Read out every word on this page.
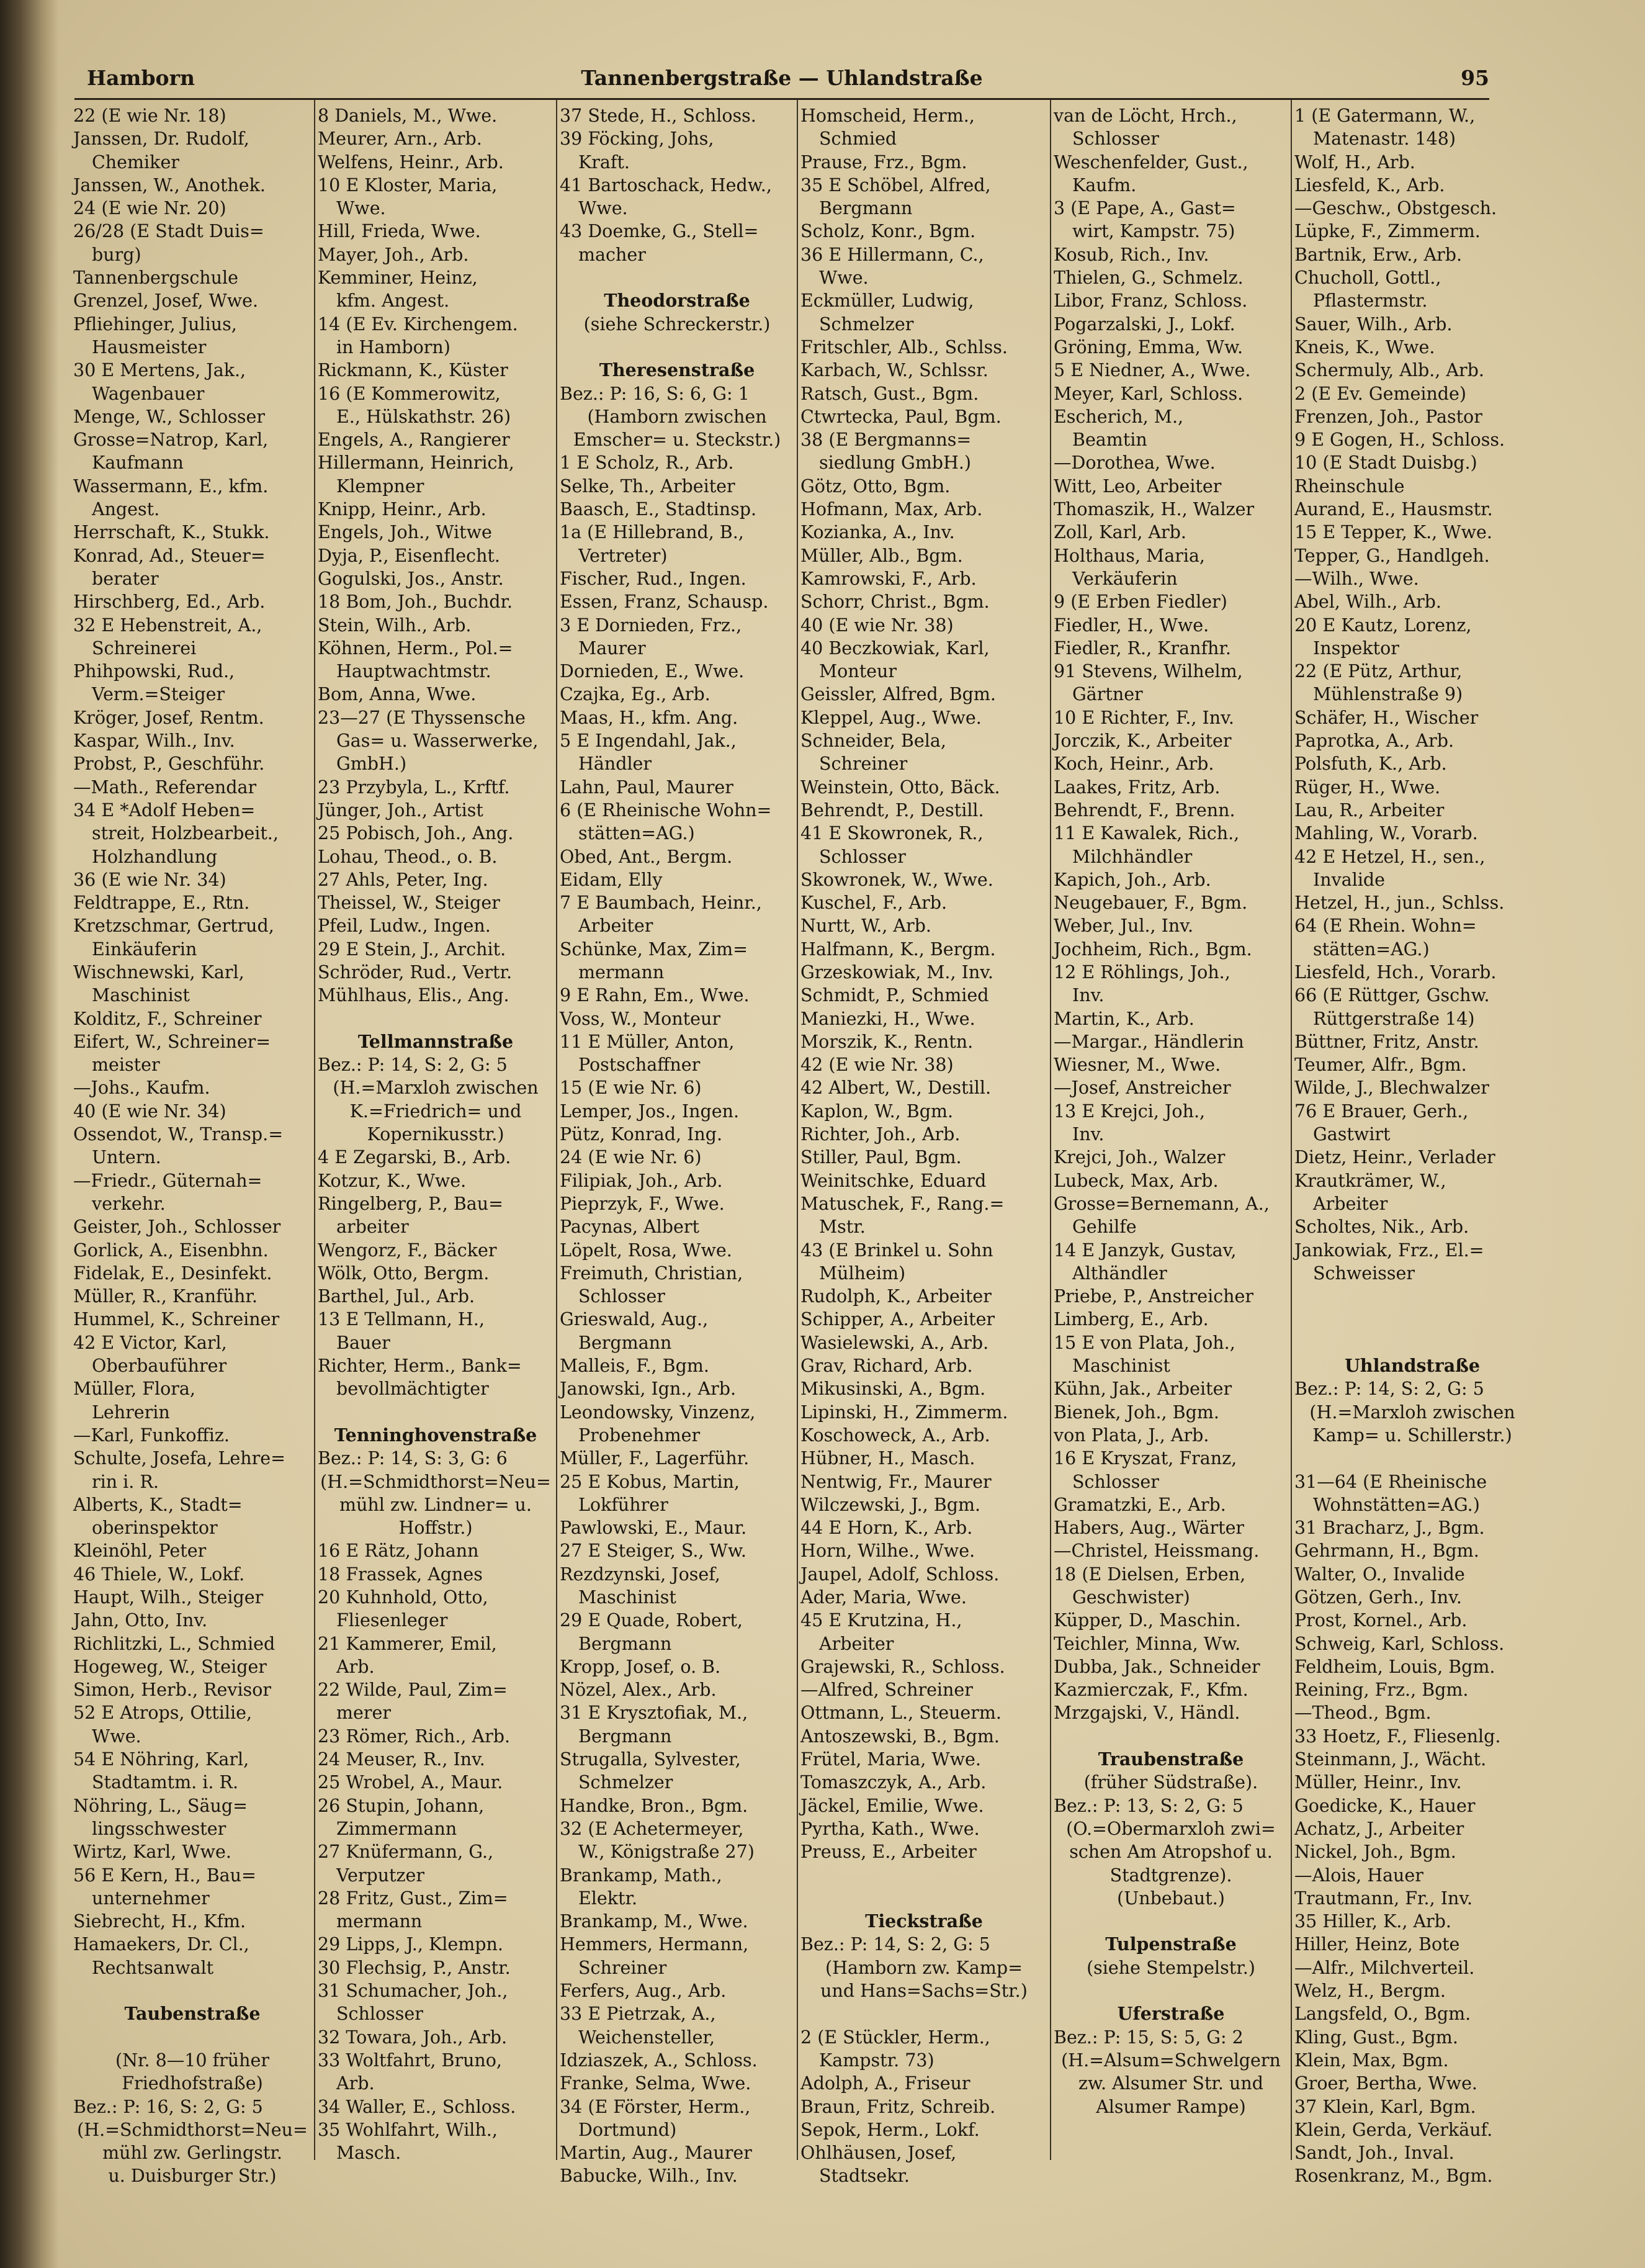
Hamborn	Tannenbergstraße — Uhlandstraße	95
22 (E wie Nr. 18)
Janssen, Dr. Rudolf,
Chemiker
Janssen, W., Anothek.
24 (E wie Nr. 20)
26/28 (E Stadt Duis=
burg)
Tannenbergschule
Grenzel, Josef, Wwe.
Pfliehinger, Julius,
Hausmeister
30 E Mertens, Jak.,
Wagenbauer
Menge, W., Schlosser
Grosse=Natrop, Karl,
Kaufmann
Wassermann, E., kfm.
Angest.
Herrschaft, K., Stukk.
Konrad, Ad., Steuer=
berater
Hirschberg, Ed., Arb.
32 E Hebenstreit, A.,
Schreinerei
Phihpowski, Rud.,
Verm.=Steiger
Kröger, Josef, Rentm.
Kaspar, Wilh., Inv.
Probst, P., Geschführ.
—Math., Referendar
34 E *Adolf Heben=
streit, Holzbearbeit.,
Holzhandlung
36 (E wie Nr. 34)
Feldtrappe, E., Rtn.
Kretzschmar, Gertrud,
Einkäuferin
Wischnewski, Karl,
Maschinist
Kolditz, F., Schreiner
Eifert, W., Schreiner=
meister
—Johs., Kaufm.
40 (E wie Nr. 34)
Ossendot, W., Transp.=
Untern.
—Friedr., Güternah=
verkehr.
Geister, Joh., Schlosser
Gorlick, A., Eisenbhn.
Fidelak, E., Desinfekt.
Müller, R., Kranführ.
Hummel, K., Schreiner
42 E Victor, Karl,
Oberbauführer
Müller, Flora,
Lehrerin
—Karl, Funkoffiz.
Schulte, Josefa, Lehre=
rin i. R.
Alberts, K., Stadt=
oberinspektor
Kleinöhl, Peter
46 Thiele, W., Lokf.
Haupt, Wilh., Steiger
Jahn, Otto, Inv.
Richlitzki, L., Schmied
Hogeweg, W., Steiger
Simon, Herb., Revisor
52 E Atrops, Ottilie,
Wwe.
54 E Nöhring, Karl,
Stadtamtm. i. R.
Nöhring, L., Säug=
lingsschwester
Wirtz, Karl, Wwe.
56 E Kern, H., Bau=
unternehmer
Siebrecht, H., Kfm.
Hamaekers, Dr. Cl.,
Rechtsanwalt
Taubenstraße
(Nr. 8—10 früher
Friedhofstraße)
Bez.: P: 16, S: 2, G: 5
(H.=Schmidthorst=Neu=
mühl zw. Gerlingstr.
u. Duisburger Str.)
8 Daniels, M., Wwe.
Meurer, Arn., Arb.
Welfens, Heinr., Arb.
10 E Kloster, Maria,
Wwe.
Hill, Frieda, Wwe.
Mayer, Joh., Arb.
Kemminer, Heinz,
kfm. Angest.
14 (E Ev. Kirchengem.
in Hamborn)
Rickmann, K., Küster
16 (E Kommerowitz,
E., Hülskathstr. 26)
Engels, A., Rangierer
Hillermann, Heinrich,
Klempner
Knipp, Heinr., Arb.
Engels, Joh., Witwe
Dyja, P., Eisenflecht.
Gogulski, Jos., Anstr.
18 Bom, Joh., Buchdr.
Stein, Wilh., Arb.
Köhnen, Herm., Pol.=
Hauptwachtmstr.
Bom, Anna, Wwe.
23—27 (E Thyssensche
Gas= u. Wasserwerke,
GmbH.)
23 Przybyla, L., Krftf.
Jünger, Joh., Artist
25 Pobisch, Joh., Ang.
Lohau, Theod., o. B.
27 Ahls, Peter, Ing.
Theissel, W., Steiger
Pfeil, Ludw., Ingen.
29 E Stein, J., Archit.
Schröder, Rud., Vertr.
Mühlhaus, Elis., Ang.
Tellmannstraße
Bez.: P: 14, S: 2, G: 5
(H.=Marxloh zwischen
K.=Friedrich= und
Kopernikusstr.)
4 E Zegarski, B., Arb.
Kotzur, K., Wwe.
Ringelberg, P., Bau=
arbeiter
Wengorz, F., Bäcker
Wölk, Otto, Bergm.
Barthel, Jul., Arb.
13 E Tellmann, H.,
Bauer
Richter, Herm., Bank=
bevollmächtigter
Tenninghovenstraße
Bez.: P: 14, S: 3, G: 6
(H.=Schmidthorst=Neu=
mühl zw. Lindner= u.
Hoffstr.)
16 E Rätz, Johann
18 Frassek, Agnes
20 Kuhnhold, Otto,
Fliesenleger
21 Kammerer, Emil,
Arb.
22 Wilde, Paul, Zim=
merer
23 Römer, Rich., Arb.
24 Meuser, R., Inv.
25 Wrobel, A., Maur.
26 Stupin, Johann,
Zimmermann
27 Knüfermann, G.,
Verputzer
28 Fritz, Gust., Zim=
mermann
29 Lipps, J., Klempn.
30 Flechsig, P., Anstr.
31 Schumacher, Joh.,
Schlosser
32 Towara, Joh., Arb.
33 Woltfahrt, Bruno,
Arb.
34 Waller, E., Schloss.
35 Wohlfahrt, Wilh.,
Masch.
37 Stede, H., Schloss.
39 Föcking, Johs,
Kraft.
41 Bartoschack, Hedw.,
Wwe.
43 Doemke, G., Stell=
macher
Theodorstraße
(siehe Schreckerstr.)
Theresenstraße
Bez.: P: 16, S: 6, G: 1
(Hamborn zwischen
Emscher= u. Steckstr.)
1 E Scholz, R., Arb.
Selke, Th., Arbeiter
Baasch, E., Stadtinsp.
1a (E Hillebrand, B.,
Vertreter)
Fischer, Rud., Ingen.
Essen, Franz, Schausp.
3 E Dornieden, Frz.,
Maurer
Dornieden, E., Wwe.
Czajka, Eg., Arb.
Maas, H., kfm. Ang.
5 E Ingendahl, Jak.,
Händler
Lahn, Paul, Maurer
6 (E Rheinische Wohn=
stätten=AG.)
Obed, Ant., Bergm.
Eidam, Elly
7 E Baumbach, Heinr.,
Arbeiter
Schünke, Max, Zim=
mermann
9 E Rahn, Em., Wwe.
Voss, W., Monteur
11 E Müller, Anton,
Postschaffner
15 (E wie Nr. 6)
Lemper, Jos., Ingen.
Pütz, Konrad, Ing.
24 (E wie Nr. 6)
Filipiak, Joh., Arb.
Pieprzyk, F., Wwe.
Pacynas, Albert
Löpelt, Rosa, Wwe.
Freimuth, Christian,
Schlosser
Grieswald, Aug.,
Bergmann
Malleis, F., Bgm.
Janowski, Ign., Arb.
Leondowsky, Vinzenz,
Probenehmer
Müller, F., Lagerführ.
25 E Kobus, Martin,
Lokführer
Pawlowski, E., Maur.
27 E Steiger, S., Ww.
Rezdzynski, Josef,
Maschinist
29 E Quade, Robert,
Bergmann
Kropp, Josef, o. B.
Nözel, Alex., Arb.
31 E Krysztofiak, M.,
Bergmann
Strugalla, Sylvester,
Schmelzer
Handke, Bron., Bgm.
32 (E Achetermeyer,
W., Königstraße 27)
Brankamp, Math.,
Elektr.
Brankamp, M., Wwe.
Hemmers, Hermann,
Schreiner
Ferfers, Aug., Arb.
33 E Pietrzak, A.,
Weichensteller,
Idziaszek, A., Schloss.
Franke, Selma, Wwe.
34 (E Förster, Herm.,
Dortmund)
Martin, Aug., Maurer
Babucke, Wilh., Inv.
Homscheid, Herm.,
Schmied
Prause, Frz., Bgm.
35 E Schöbel, Alfred,
Bergmann
Scholz, Konr., Bgm.
36 E Hillermann, C.,
Wwe.
Eckmüller, Ludwig,
Schmelzer
Fritschler, Alb., Schlss.
Karbach, W., Schlssr.
Ratsch, Gust., Bgm.
Ctwrtecka, Paul, Bgm.
38 (E Bergmanns=
siedlung GmbH.)
Götz, Otto, Bgm.
Hofmann, Max, Arb.
Kozianka, A., Inv.
Müller, Alb., Bgm.
Kamrowski, F., Arb.
Schorr, Christ., Bgm.
40 (E wie Nr. 38)
40 Beczkowiak, Karl,
Monteur
Geissler, Alfred, Bgm.
Kleppel, Aug., Wwe.
Schneider, Bela,
Schreiner
Weinstein, Otto, Bäck.
Behrendt, P., Destill.
41 E Skowronek, R.,
Schlosser
Skowronek, W., Wwe.
Kuschel, F., Arb.
Nurtt, W., Arb.
Halfmann, K., Bergm.
Grzeskowiak, M., Inv.
Schmidt, P., Schmied
Maniezki, H., Wwe.
Morszik, K., Rentn.
42 (E wie Nr. 38)
42 Albert, W., Destill.
Kaplon, W., Bgm.
Richter, Joh., Arb.
Stiller, Paul, Bgm.
Weinitschke, Eduard
Matuschek, F., Rang.=
Mstr.
43 (E Brinkel u. Sohn
Mülheim)
Rudolph, K., Arbeiter
Schipper, A., Arbeiter
Wasielewski, A., Arb.
Grav, Richard, Arb.
Mikusinski, A., Bgm.
Lipinski, H., Zimmerm.
Koschoweck, A., Arb.
Hübner, H., Masch.
Nentwig, Fr., Maurer
Wilczewski, J., Bgm.
44 E Horn, K., Arb.
Horn, Wilhe., Wwe.
Jaupel, Adolf, Schloss.
Ader, Maria, Wwe.
45 E Krutzina, H.,
Arbeiter
Grajewski, R., Schloss.
—Alfred, Schreiner
Ottmann, L., Steuerm.
Antoszewski, B., Bgm.
Frütel, Maria, Wwe.
Tomaszczyk, A., Arb.
Jäckel, Emilie, Wwe.
Pyrtha, Kath., Wwe.
Preuss, E., Arbeiter
Tieckstraße
Bez.: P: 14, S: 2, G: 5
(Hamborn zw. Kamp=
und Hans=Sachs=Str.)
2 (E Stückler, Herm.,
Kampstr. 73)
Adolph, A., Friseur
Braun, Fritz, Schreib.
Sepok, Herm., Lokf.
Ohlhäusen, Josef,
Stadtsekr.
van de Löcht, Hrch.,
Schlosser
Weschenfelder, Gust.,
Kaufm.
3 (E Pape, A., Gast=
wirt, Kampstr. 75)
Kosub, Rich., Inv.
Thielen, G., Schmelz.
Libor, Franz, Schloss.
Pogarzalski, J., Lokf.
Gröning, Emma, Ww.
5 E Niedner, A., Wwe.
Meyer, Karl, Schloss.
Escherich, M.,
Beamtin
—Dorothea, Wwe.
Witt, Leo, Arbeiter
Thomaszik, H., Walzer
Zoll, Karl, Arb.
Holthaus, Maria,
Verkäuferin
9 (E Erben Fiedler)
Fiedler, H., Wwe.
Fiedler, R., Kranfhr.
91 Stevens, Wilhelm,
Gärtner
10 E Richter, F., Inv.
Jorczik, K., Arbeiter
Koch, Heinr., Arb.
Laakes, Fritz, Arb.
Behrendt, F., Brenn.
11 E Kawalek, Rich.,
Milchhändler
Kapich, Joh., Arb.
Neugebauer, F., Bgm.
Weber, Jul., Inv.
Jochheim, Rich., Bgm.
12 E Röhlings, Joh.,
Inv.
Martin, K., Arb.
—Margar., Händlerin
Wiesner, M., Wwe.
—Josef, Anstreicher
13 E Krejci, Joh.,
Inv.
Krejci, Joh., Walzer
Lubeck, Max, Arb.
Grosse=Bernemann, A.,
Gehilfe
14 E Janzyk, Gustav,
Althändler
Priebe, P., Anstreicher
Limberg, E., Arb.
15 E von Plata, Joh.,
Maschinist
Kühn, Jak., Arbeiter
Bienek, Joh., Bgm.
von Plata, J., Arb.
16 E Kryszat, Franz,
Schlosser
Gramatzki, E., Arb.
Habers, Aug., Wärter
—Christel, Heissmang.
18 (E Dielsen, Erben,
Geschwister)
Küpper, D., Maschin.
Teichler, Minna, Ww.
Dubba, Jak., Schneider
Kazmierczak, F., Kfm.
Mrzgajski, V., Händl.
Traubenstraße
(früher Südstraße).
Bez.: P: 13, S: 2, G: 5
(O.=Obermarxloh zwi=
schen Am Atropshof u.
Stadtgrenze).
(Unbebaut.)
Tulpenstraße
(siehe Stempelstr.)
Uferstraße
Bez.: P: 15, S: 5, G: 2
(H.=Alsum=Schwelgern
zw. Alsumer Str. und
Alsumer Rampe)
1 (E Gatermann, W.,
Matenastr. 148)
Wolf, H., Arb.
Liesfeld, K., Arb.
—Geschw., Obstgesch.
Lüpke, F., Zimmerm.
Bartnik, Erw., Arb.
Chucholl, Gottl.,
Pflastermstr.
Sauer, Wilh., Arb.
Kneis, K., Wwe.
Schermuly, Alb., Arb.
2 (E Ev. Gemeinde)
Frenzen, Joh., Pastor
9 E Gogen, H., Schloss.
10 (E Stadt Duisbg.)
Rheinschule
Aurand, E., Hausmstr.
15 E Tepper, K., Wwe.
Tepper, G., Handlgeh.
—Wilh., Wwe.
Abel, Wilh., Arb.
20 E Kautz, Lorenz,
Inspektor
22 (E Pütz, Arthur,
Mühlenstraße 9)
Schäfer, H., Wischer
Paprotka, A., Arb.
Polsfuth, K., Arb.
Rüger, H., Wwe.
Lau, R., Arbeiter
Mahling, W., Vorarb.
42 E Hetzel, H., sen.,
Invalide
Hetzel, H., jun., Schlss.
64 (E Rhein. Wohn=
stätten=AG.)
Liesfeld, Hch., Vorarb.
66 (E Rüttger, Gschw.
Rüttgerstraße 14)
Büttner, Fritz, Anstr.
Teumer, Alfr., Bgm.
Wilde, J., Blechwalzer
76 E Brauer, Gerh.,
Gastwirt
Dietz, Heinr., Verlader
Krautkrämer, W.,
Arbeiter
Scholtes, Nik., Arb.
Jankowiak, Frz., El.=
Schweisser
Uhlandstraße
Bez.: P: 14, S: 2, G: 5
(H.=Marxloh zwischen
Kamp= u. Schillerstr.)
31—64 (E Rheinische
Wohnstätten=AG.)
31 Bracharz, J., Bgm.
Gehrmann, H., Bgm.
Walter, O., Invalide
Götzen, Gerh., Inv.
Prost, Kornel., Arb.
Schweig, Karl, Schloss.
Feldheim, Louis, Bgm.
Reining, Frz., Bgm.
—Theod., Bgm.
33 Hoetz, F., Fliesenlg.
Steinmann, J., Wächt.
Müller, Heinr., Inv.
Goedicke, K., Hauer
Achatz, J., Arbeiter
Nickel, Joh., Bgm.
—Alois, Hauer
Trautmann, Fr., Inv.
35 Hiller, K., Arb.
Hiller, Heinz, Bote
—Alfr., Milchverteil.
Welz, H., Bergm.
Langsfeld, O., Bgm.
Kling, Gust., Bgm.
Klein, Max, Bgm.
Groer, Bertha, Wwe.
37 Klein, Karl, Bgm.
Klein, Gerda, Verkäuf.
Sandt, Joh., Inval.
Rosenkranz, M., Bgm.
